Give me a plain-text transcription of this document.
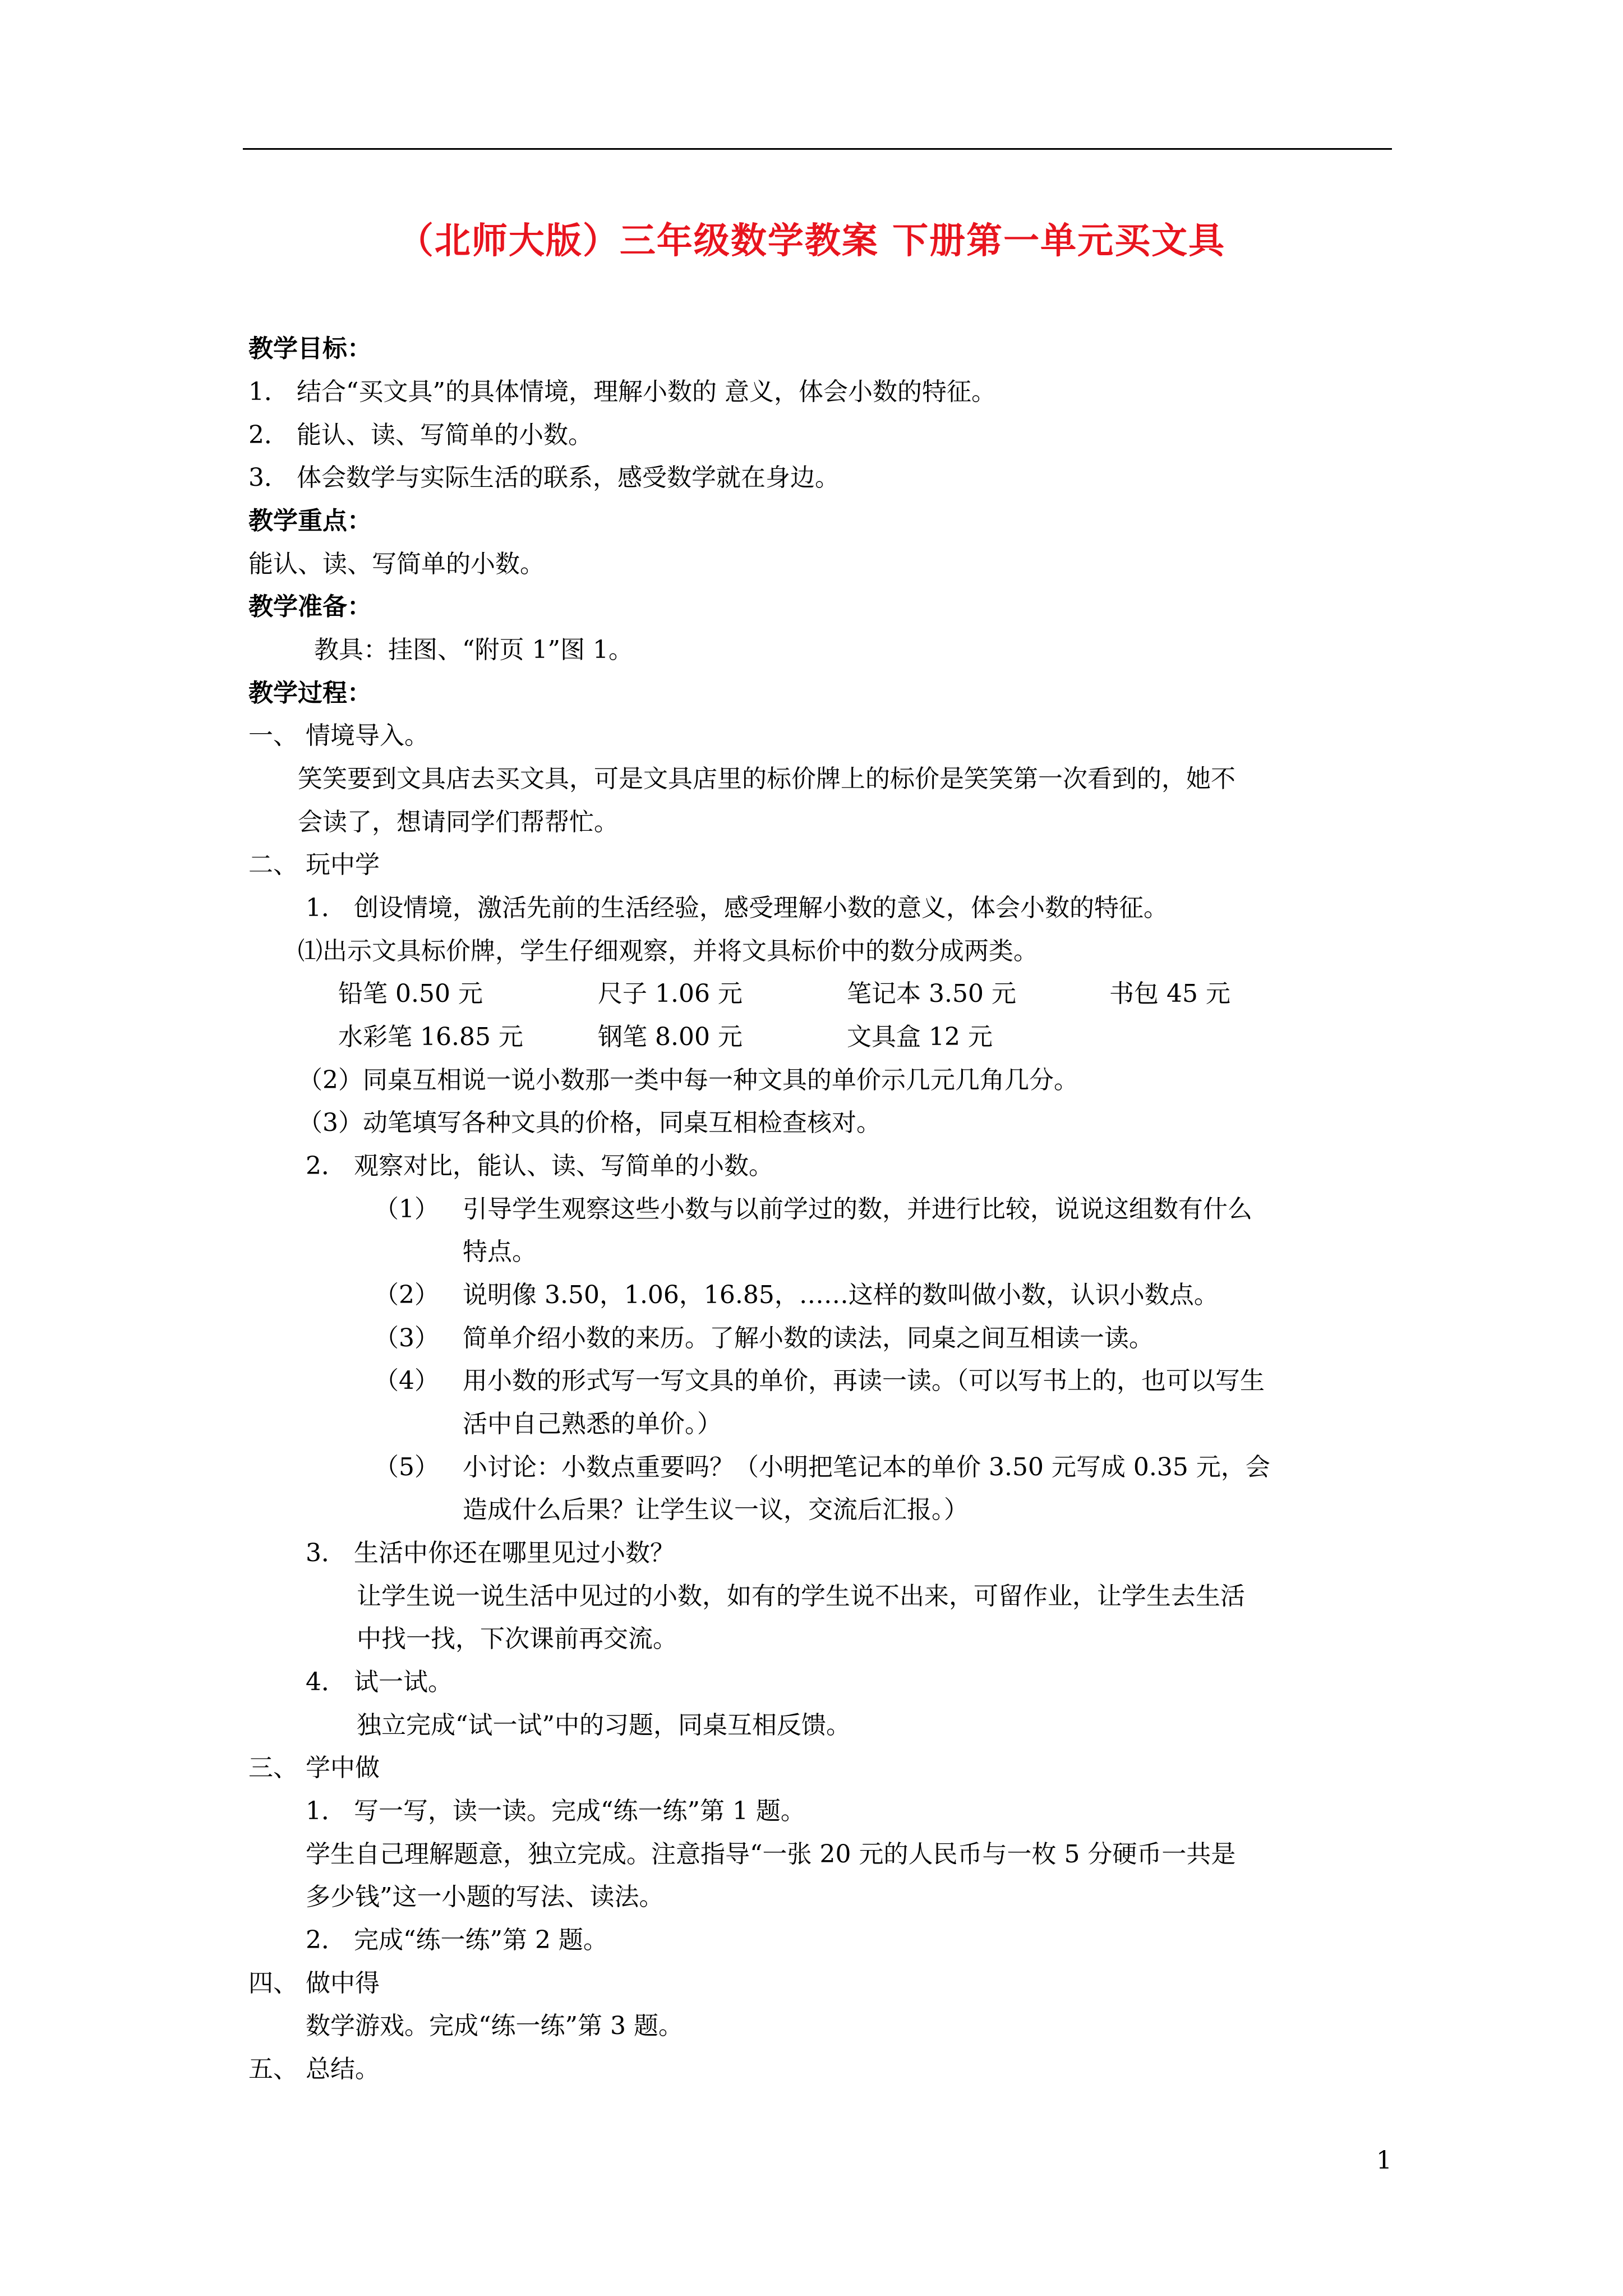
（北师大版）三年级数学教案 下册第一单元买文具
教学目标：
1． 结合“买文具”的具体情境，理解小数的 意义，体会小数的特征。
2． 能认、读、写简单的小数。
3． 体会数学与实际生活的联系，感受数学就在身边。
教学重点：
能认、读、写简单的小数。
教学准备：
教具：挂图、“附页 1”图 1。
教学过程：
一、 情境导入。
笑笑要到文具店去买文具，可是文具店里的标价牌上的标价是笑笑第一次看到的，她不
会读了，想请同学们帮帮忙。
二、 玩中学
1． 创设情境，激活先前的生活经验，感受理解小数的意义，体会小数的特征。
⑴出示文具标价牌，学生仔细观察，并将文具标价中的数分成两类。
铅笔 0.50 元	尺子 1.06 元	笔记本 3.50 元	书包 45 元
水彩笔 16.85 元	钢笔 8.00 元	文具盒 12 元
（2）同桌互相说一说小数那一类中每一种文具的单价示几元几角几分。
（3）动笔填写各种文具的价格，同桌互相检查核对。
2． 观察对比，能认、读、写简单的小数。
（1） 引导学生观察这些小数与以前学过的数，并进行比较，说说这组数有什么
特点。
（2） 说明像 3.50，1.06，16.85，……这样的数叫做小数，认识小数点。
（3） 简单介绍小数的来历。了解小数的读法，同桌之间互相读一读。
（4） 用小数的形式写一写文具的单价，再读一读。（可以写书上的，也可以写生
活中自己熟悉的单价。）
（5） 小讨论：小数点重要吗？（小明把笔记本的单价 3.50 元写成 0.35 元，会
造成什么后果？让学生议一议，交流后汇报。）
3． 生活中你还在哪里见过小数？
让学生说一说生活中见过的小数，如有的学生说不出来，可留作业，让学生去生活
中找一找，下次课前再交流。
4． 试一试。
独立完成“试一试”中的习题，同桌互相反馈。
三、 学中做
1． 写一写，读一读。完成“练一练”第 1 题。
学生自己理解题意，独立完成。注意指导“一张 20 元的人民币与一枚 5 分硬币一共是
多少钱”这一小题的写法、读法。
2． 完成“练一练”第 2 题。
四、 做中得
数学游戏。完成“练一练”第 3 题。
五、 总结。
1
